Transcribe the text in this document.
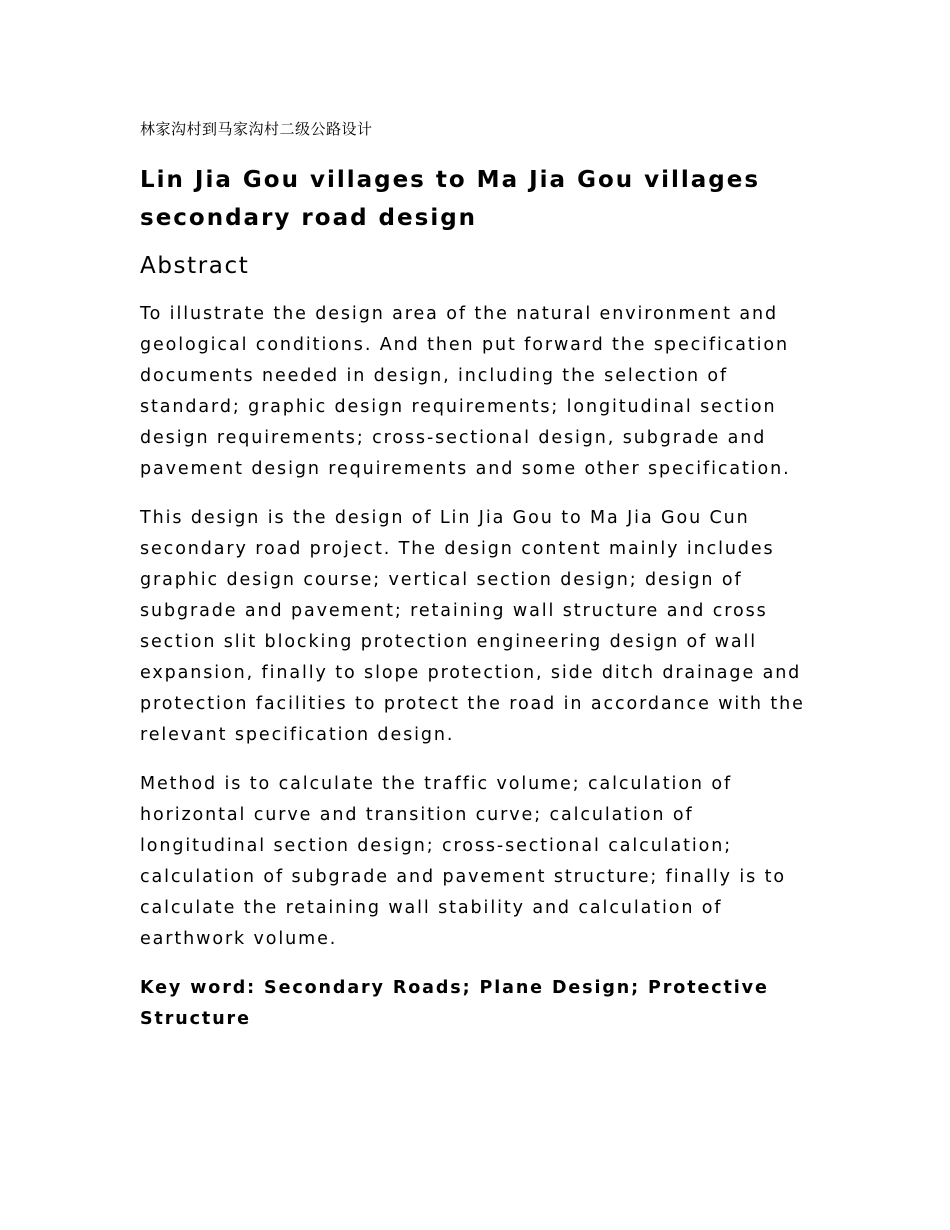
林家沟村到马家沟村二级公路设计
Lin Jia Gou villages to Ma Jia Gou villages secondary road design
Abstract

To illustrate the design area of the natural environment and geological conditions. And then put forward the specification documents needed in design, including the selection of standard; graphic design requirements; longitudinal section design requirements; cross-sectional design, subgrade and pavement design requirements and some other specification.

This design is the design of Lin Jia Gou to Ma Jia Gou Cun secondary road project. The design content mainly includes graphic design course; vertical section design; design of subgrade and pavement; retaining wall structure and cross section slit blocking protection engineering design of wall expansion, finally to slope protection, side ditch drainage and protection facilities to protect the road in accordance with the relevant specification design.

Method is to calculate the traffic volume; calculation of horizontal curve and transition curve; calculation of longitudinal section design; cross-sectional calculation; calculation of subgrade and pavement structure; finally is to calculate the retaining wall stability and calculation of earthwork volume.

Key word: Secondary Roads; Plane Design; Protective Structure
